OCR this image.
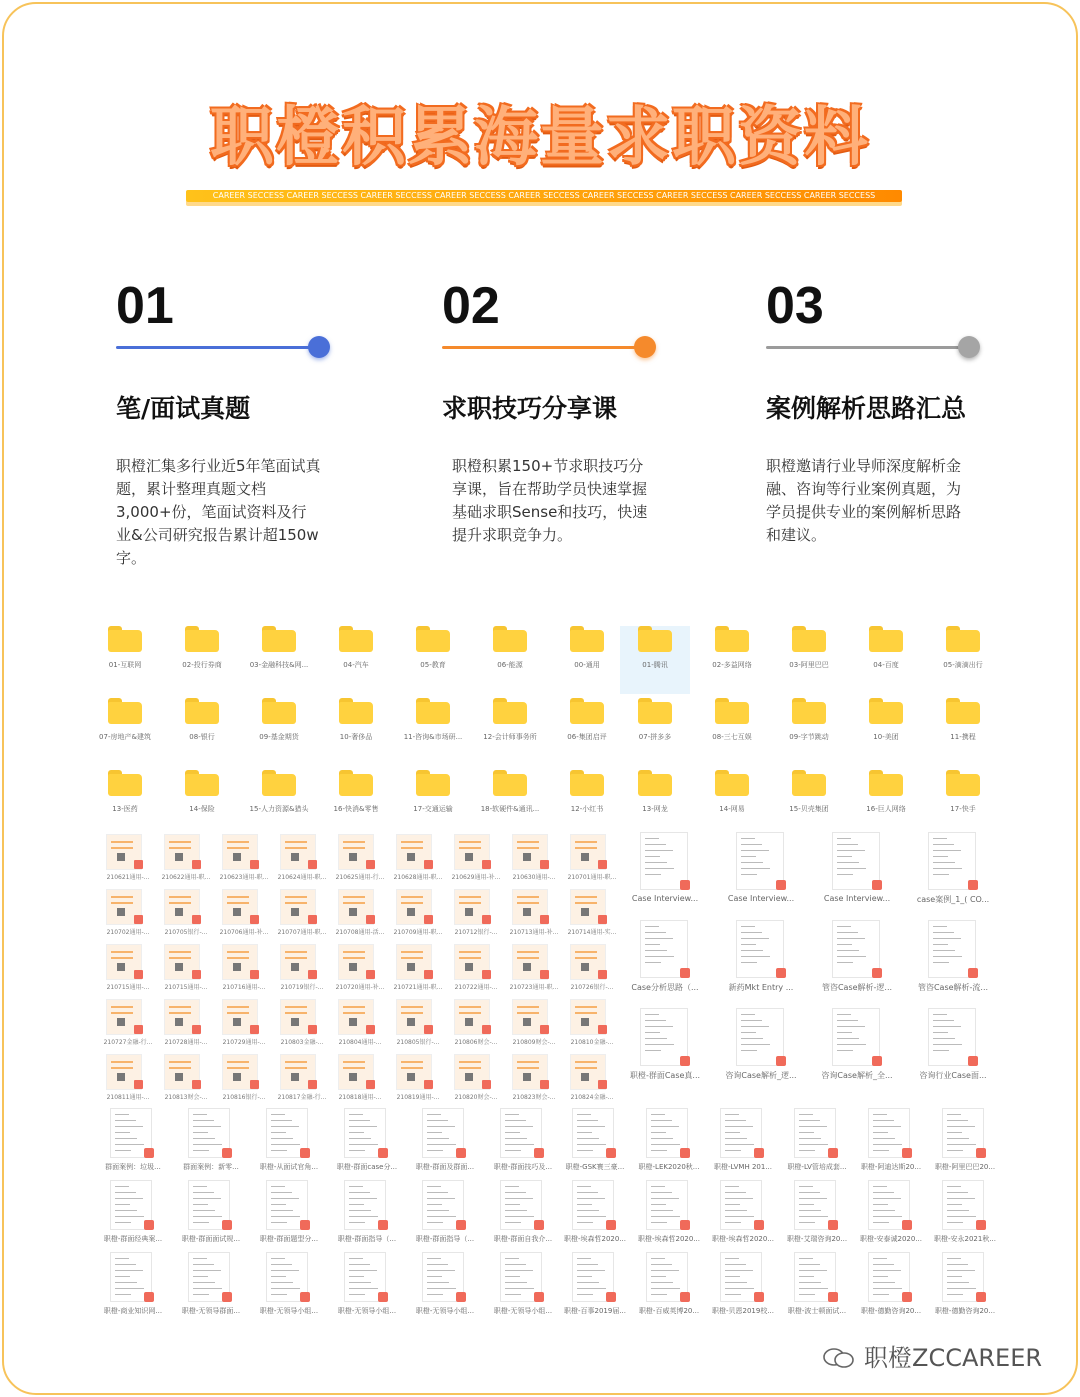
职橙积累海量求职资料
CAREER SECCESS CAREER SECCESS CAREER SECCESS CAREER SECCESS CAREER SECCESS CAREER SECCESS CAREER SECCESS CAREER SECCESS CAREER SECCESS
01
笔/面试真题
职橙汇集多行业近5年笔面试真题，累计整理真题文档3,000+份，笔面试资料及行业&公司研究报告累计超150w字。
02
求职技巧分享课
职橙积累150+节求职技巧分享课，旨在帮助学员快速掌握基础求职Sense和技巧，快速提升求职竞争力。
03
案例解析思路汇总
职橙邀请行业导师深度解析金融、咨询等行业案例真题，为学员提供专业的案例解析思路和建议。
01-互联网	02-投行券商	03-金融科技&网...	04-汽车	05-教育	06-能源	00-通用
07-房地产&建筑	08-银行	09-基金期货	10-奢侈品	11-咨询&市场研...	12-会计师事务所	06-集团启评
13-医药	14-保险	15-人力资源&猎头	16-快消&零售	17-交通运输	18-软硬件&通讯...	12-小红书
01-腾讯	02-多益网络	03-阿里巴巴	04-百度	05-滴滴出行
07-拼多多	08-三七互娱	09-字节跳动	10-美团	11-携程
13-网龙	14-网易	15-贝壳集团	16-巨人网络	17-快手
210621通用-...	210622通用-职...	210623通用-职...	210624通用-职...	210625通用-行...	210628通用-职...	210629通用-补...	210630通用-...	210701通用-职...
210702通用-...	210705银行-...	210706通用-补...	210707通用-职...	210708通用-活...	210709通用-职...	210712银行-...	210713通用-补...	210714通用-实...
210715通用-...	210715通用-...	210716通用-...	210719银行-...	210720通用-补...	210721通用-职...	210722通用-...	210723通用-职...	210726银行-...
210727金融-行...	210728通用-...	210729通用-...	210803金融-...	210804通用-...	210805银行-...	210806财会-...	210809财会-...	210810金融-...
210811通用-...	210813财会-...	210816银行-...	210817金融-行...	210818通用-...	210819通用-...	210820财会-...	210823财会-...	210824金融-...
Case Interview...	Case Interview...	Case Interview...	case案例_1_( CO...
Case分析思路（...	新药Mkt Entry ...	管咨Case解析-逻...	管咨Case解析-流...
职橙-群面Case真...	咨询Case解析_逻...	咨询Case解析_全...	咨询行业Case面...
群面案例：垃圾...	群面案例：新零...	职橙-从面试官角...	职橙-群面case分...	职橙-群面及群面...	职橙-群面技巧及...
职橙-群面经典案...	职橙-群面面试规...	职橙-群面题型分...	职橙-群面指导（...	职橙-群面指导（...	职橙-群面自我介...
职橙-商业知识网...	职橙-无领导群面...	职橙-无领导小组...	职橙-无领导小组...	职橙-无领导小组...	职橙-无领导小组...
职橙-GSK寰三豪...	职橙-LEK2020秋...	职橙-LVMH 201...	职橙-LV管培成套...	职橙-阿迪达斯20...	职橙-阿里巴巴20...
职橙-埃森哲2020...	职橙-埃森哲2020...	职橙-埃森哲2020...	职橙-艾瑞咨询20...	职橙-安泰诚2020...	职橙-安永2021秋...
职橙-百事2019届...	职橙-百威英博20...	职橙-贝恩2019校...	职橙-波士顿面试...	职橙-德勤咨询20...	职橙-德勤咨询20...
职橙ZCCAREER
